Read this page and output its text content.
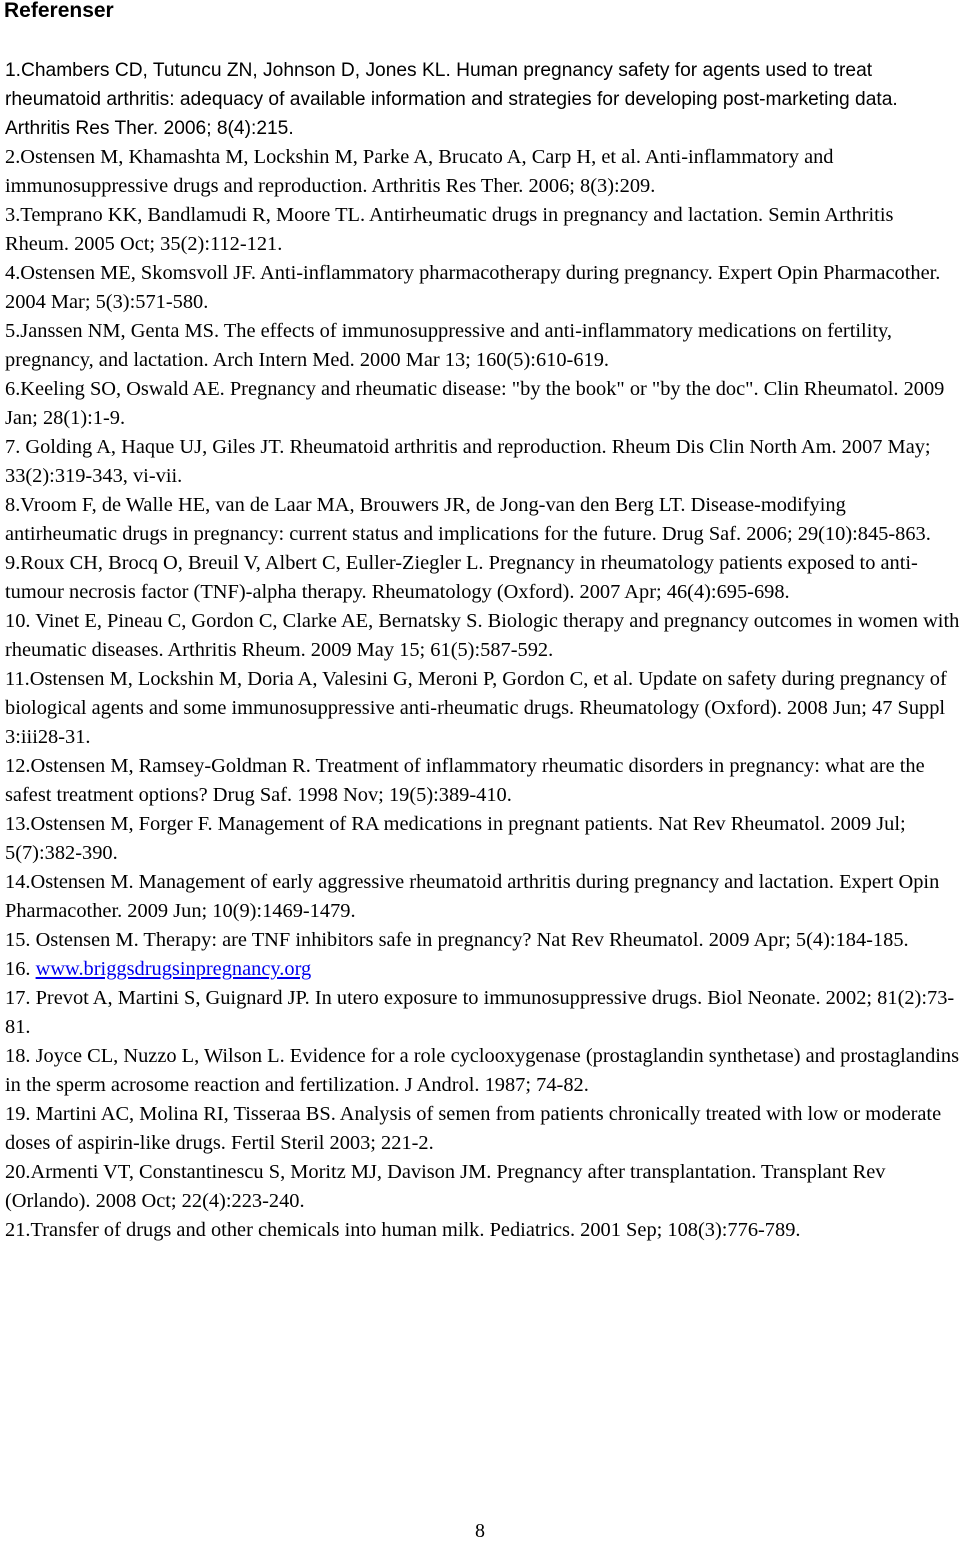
Referenser
1.Chambers CD, Tutuncu ZN, Johnson D, Jones KL. Human pregnancy safety for agents used to treat rheumatoid arthritis: adequacy of available information and strategies for developing post-marketing data. Arthritis Res Ther. 2006; 8(4):215.
2.Ostensen M, Khamashta M, Lockshin M, Parke A, Brucato A, Carp H, et al. Anti-inflammatory and immunosuppressive drugs and reproduction. Arthritis Res Ther. 2006; 8(3):209.
3.Temprano KK, Bandlamudi R, Moore TL. Antirheumatic drugs in pregnancy and lactation. Semin Arthritis Rheum. 2005 Oct; 35(2):112-121.
4.Ostensen ME, Skomsvoll JF. Anti-inflammatory pharmacotherapy during pregnancy. Expert Opin Pharmacother. 2004 Mar; 5(3):571-580.
5.Janssen NM, Genta MS. The effects of immunosuppressive and anti-inflammatory medications on fertility, pregnancy, and lactation. Arch Intern Med. 2000 Mar 13; 160(5):610-619.
6.Keeling SO, Oswald AE. Pregnancy and rheumatic disease: "by the book" or "by the doc". Clin Rheumatol. 2009 Jan; 28(1):1-9.
7. Golding A, Haque UJ, Giles JT. Rheumatoid arthritis and reproduction. Rheum Dis Clin North Am. 2007 May; 33(2):319-343, vi-vii.
8.Vroom F, de Walle HE, van de Laar MA, Brouwers JR, de Jong-van den Berg LT. Disease-modifying antirheumatic drugs in pregnancy: current status and implications for the future. Drug Saf. 2006; 29(10):845-863.
9.Roux CH, Brocq O, Breuil V, Albert C, Euller-Ziegler L. Pregnancy in rheumatology patients exposed to anti-tumour necrosis factor (TNF)-alpha therapy. Rheumatology (Oxford). 2007 Apr; 46(4):695-698.
10. Vinet E, Pineau C, Gordon C, Clarke AE, Bernatsky S. Biologic therapy and pregnancy outcomes in women with rheumatic diseases. Arthritis Rheum. 2009 May 15; 61(5):587-592.
11.Ostensen M, Lockshin M, Doria A, Valesini G, Meroni P, Gordon C, et al. Update on safety during pregnancy of biological agents and some immunosuppressive anti-rheumatic drugs. Rheumatology (Oxford). 2008 Jun; 47 Suppl 3:iii28-31.
12.Ostensen M, Ramsey-Goldman R. Treatment of inflammatory rheumatic disorders in pregnancy: what are the safest treatment options? Drug Saf. 1998 Nov; 19(5):389-410.
13.Ostensen M, Forger F. Management of RA medications in pregnant patients. Nat Rev Rheumatol. 2009 Jul; 5(7):382-390.
14.Ostensen M. Management of early aggressive rheumatoid arthritis during pregnancy and lactation. Expert Opin Pharmacother. 2009 Jun; 10(9):1469-1479.
15. Ostensen M. Therapy: are TNF inhibitors safe in pregnancy? Nat Rev Rheumatol. 2009 Apr; 5(4):184-185.
16. www.briggsdrugsinpregnancy.org
17. Prevot A, Martini S, Guignard JP. In utero exposure to immunosuppressive drugs. Biol Neonate. 2002; 81(2):73-81.
18. Joyce CL, Nuzzo L, Wilson L. Evidence for a role cyclooxygenase (prostaglandin synthetase) and prostaglandins in the sperm acrosome reaction and fertilization. J Androl. 1987; 74-82.
19. Martini AC, Molina RI, Tisseraa BS. Analysis of semen from patients chronically treated with low or moderate doses of aspirin-like drugs. Fertil Steril 2003; 221-2.
20.Armenti VT, Constantinescu S, Moritz MJ, Davison JM. Pregnancy after transplantation. Transplant Rev (Orlando). 2008 Oct; 22(4):223-240.
21.Transfer of drugs and other chemicals into human milk. Pediatrics. 2001 Sep; 108(3):776-789.
8
